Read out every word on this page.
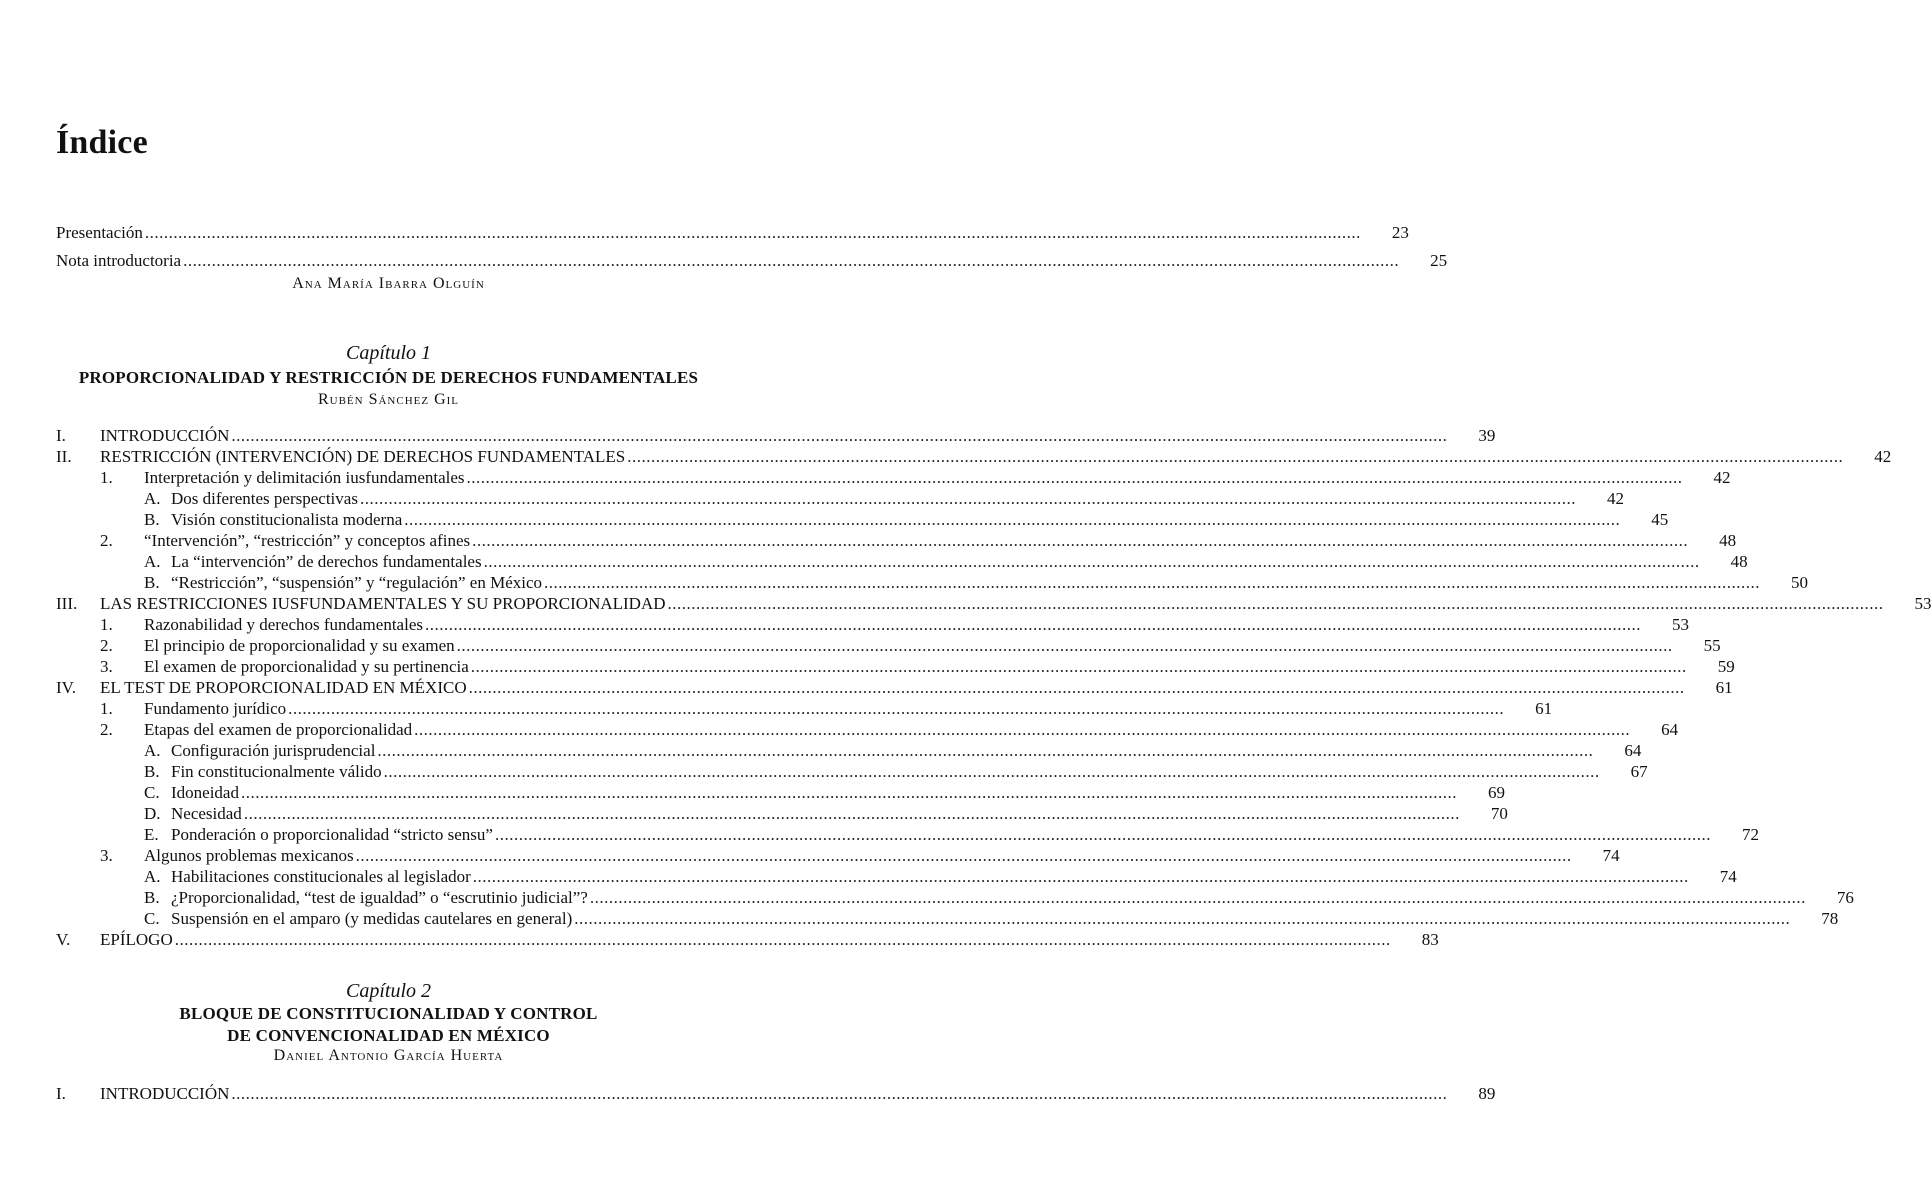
Índice
Presentación .....	23
Nota introductoria .....	25
Ana María Ibarra Olguín
Capítulo 1
PROPORCIONALIDAD Y RESTRICCIÓN DE DERECHOS FUNDAMENTALES
Rubén Sánchez Gil
I.	INTRODUCCIÓN .....	39
II.	RESTRICCIÓN (INTERVENCIÓN) DE DERECHOS FUNDAMENTALES .....	42
1.	Interpretación y delimitación iusfundamentales .....	42
A. Dos diferentes perspectivas .....	42
B. Visión constitucionalista moderna .....	45
2.	“Intervención”, “restricción” y conceptos afines .....	48
A. La “intervención” de derechos fundamentales .....	48
B. “Restricción”, “suspensión” y “regulación” en México .....	50
III.	LAS RESTRICCIONES IUSFUNDAMENTALES Y SU PROPORCIONALIDAD .....	53
1.	Razonabilidad y derechos fundamentales .....	53
2.	El principio de proporcionalidad y su examen .....	55
3.	El examen de proporcionalidad y su pertinencia .....	59
IV.	EL TEST DE PROPORCIONALIDAD EN MÉXICO .....	61
1.	Fundamento jurídico .....	61
2.	Etapas del examen de proporcionalidad .....	64
A. Configuración jurisprudencial .....	64
B. Fin constitucionalmente válido .....	67
C. Idoneidad .....	69
D. Necesidad .....	70
E. Ponderación o proporcionalidad “stricto sensu” .....	72
3.	Algunos problemas mexicanos .....	74
A. Habilitaciones constitucionales al legislador .....	74
B. ¿Proporcionalidad, “test de igualdad” o “escrutinio judicial”? .....	76
C. Suspensión en el amparo (y medidas cautelares en general) .....	78
V.	EPÍLOGO .....	83
Capítulo 2
BLOQUE DE CONSTITUCIONALIDAD Y CONTROL
DE CONVENCIONALIDAD EN MÉXICO
Daniel Antonio García Huerta
I.	INTRODUCCIÓN .....	89
